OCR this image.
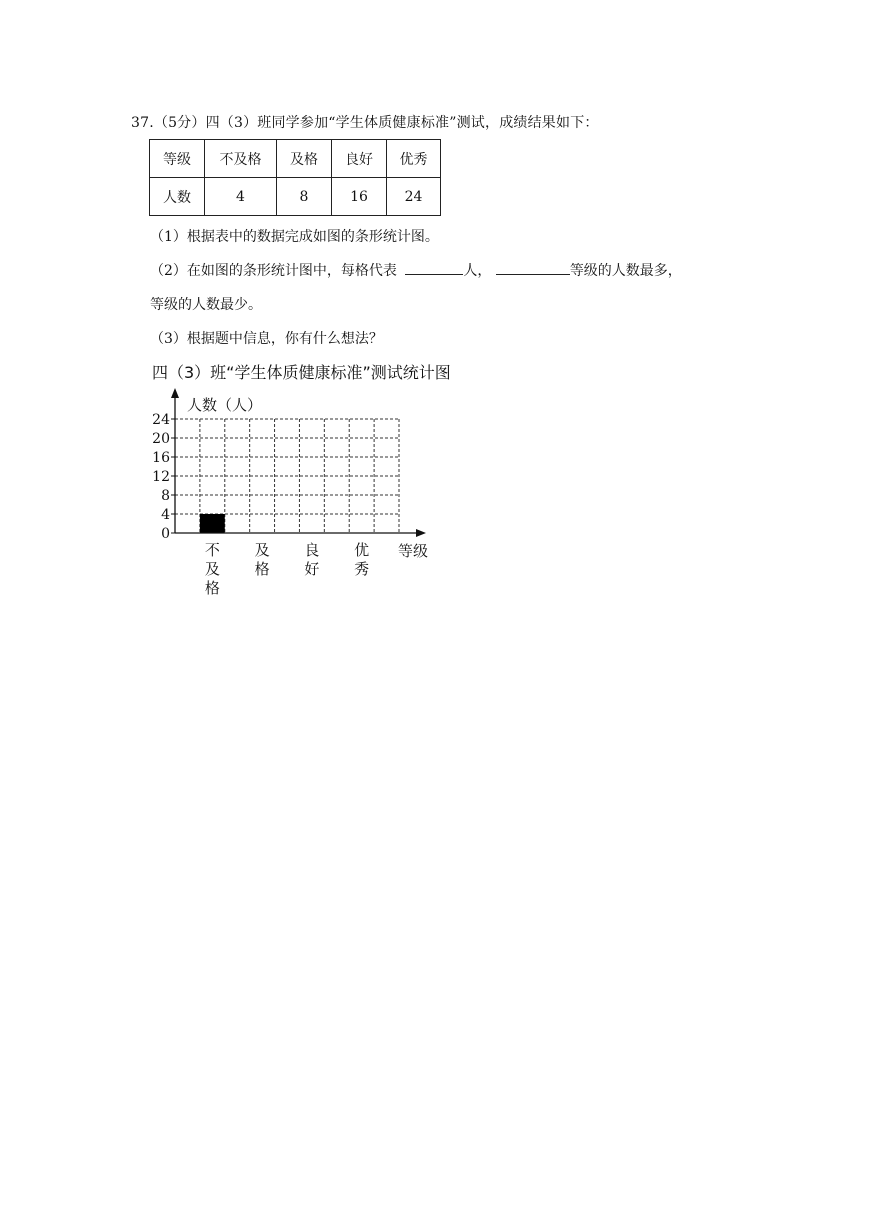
37.（5分）四（3）班同学参加“学生体质健康标准”测试，成绩结果如下：
等级	不及格	及格	良好	优秀
人数	4	8	16	24
（1）根据表中的数据完成如图的条形统计图。
（2）在如图的条形统计图中，每格代表	人，	等级的人数最多，
等级的人数最少。
（3）根据题中信息，你有什么想法？
四（3）班“学生体质健康标准”测试统计图
人数（人）
等级
0
4
8
12
16
20
24
不
及
格
及
格
良
好
优
秀
